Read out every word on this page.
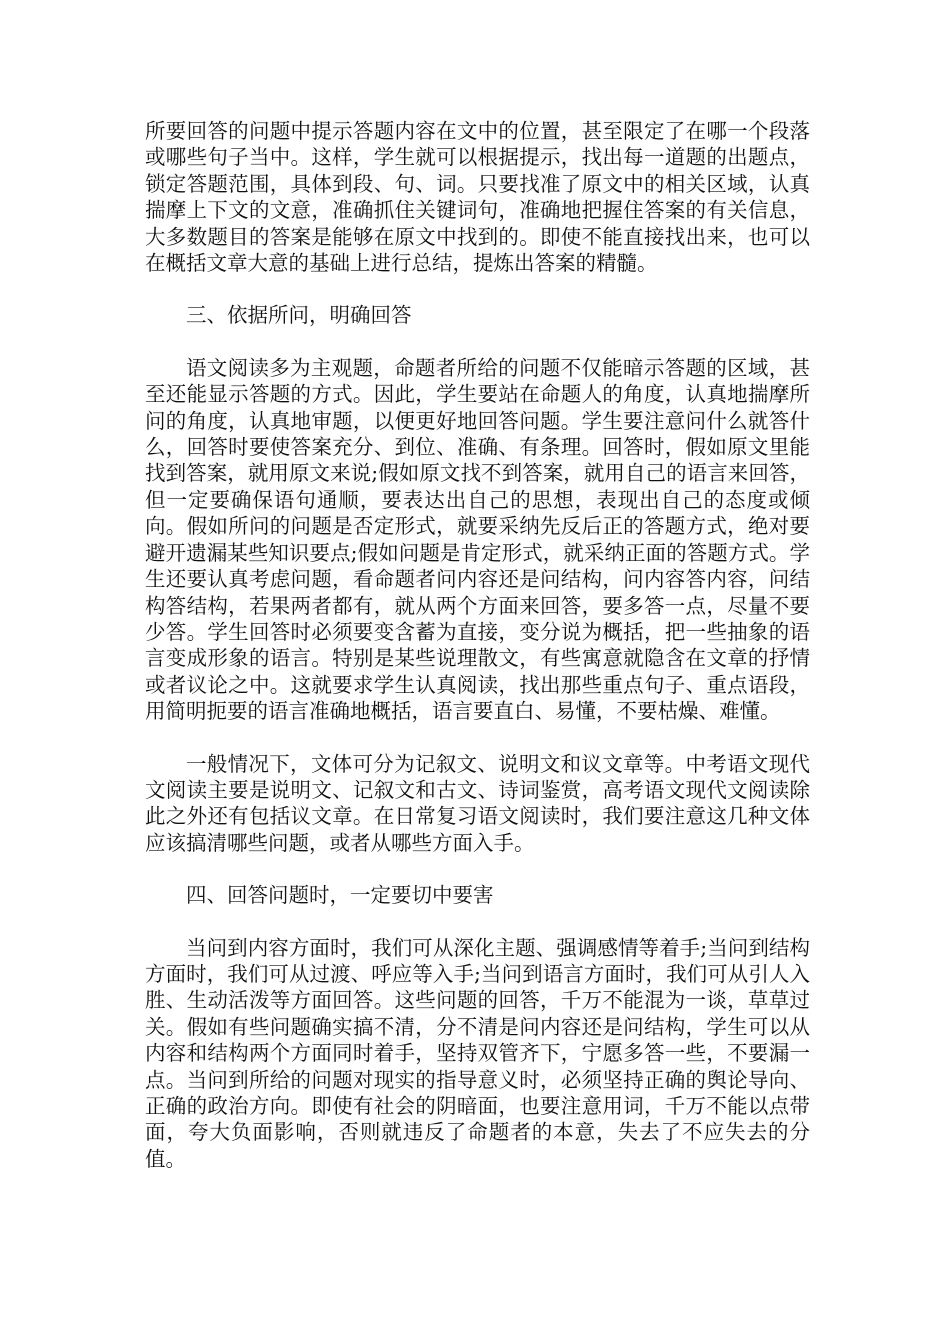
所要回答的问题中提示答题内容在文中的位置，甚至限定了在哪一个段落或哪些句子当中。这样，学生就可以根据提示，找出每一道题的出题点，锁定答题范围，具体到段、句、词。只要找准了原文中的相关区域，认真揣摩上下文的文意，准确抓住关键词句，准确地把握住答案的有关信息，大多数题目的答案是能够在原文中找到的。即使不能直接找出来，也可以在概括文章大意的基础上进行总结，提炼出答案的精髓。

三、依据所问，明确回答

语文阅读多为主观题，命题者所给的问题不仅能暗示答题的区域，甚至还能显示答题的方式。因此，学生要站在命题人的角度，认真地揣摩所问的角度，认真地审题，以便更好地回答问题。学生要注意问什么就答什么，回答时要使答案充分、到位、准确、有条理。回答时，假如原文里能找到答案，就用原文来说;假如原文找不到答案，就用自己的语言来回答，但一定要确保语句通顺，要表达出自己的思想，表现出自己的态度或倾向。假如所问的问题是否定形式，就要采纳先反后正的答题方式，绝对要避开遗漏某些知识要点;假如问题是肯定形式，就采纳正面的答题方式。学生还要认真考虑问题，看命题者问内容还是问结构，问内容答内容，问结构答结构，若果两者都有，就从两个方面来回答，要多答一点，尽量不要少答。学生回答时必须要变含蓄为直接，变分说为概括，把一些抽象的语言变成形象的语言。特别是某些说理散文，有些寓意就隐含在文章的抒情或者议论之中。这就要求学生认真阅读，找出那些重点句子、重点语段，用简明扼要的语言准确地概括，语言要直白、易懂，不要枯燥、难懂。

一般情况下，文体可分为记叙文、说明文和议文章等。中考语文现代文阅读主要是说明文、记叙文和古文、诗词鉴赏，高考语文现代文阅读除此之外还有包括议文章。在日常复习语文阅读时，我们要注意这几种文体应该搞清哪些问题，或者从哪些方面入手。

四、回答问题时，一定要切中要害

当问到内容方面时，我们可从深化主题、强调感情等着手;当问到结构方面时，我们可从过渡、呼应等入手;当问到语言方面时，我们可从引人入胜、生动活泼等方面回答。这些问题的回答，千万不能混为一谈，草草过关。假如有些问题确实搞不清，分不清是问内容还是问结构，学生可以从内容和结构两个方面同时着手，坚持双管齐下，宁愿多答一些，不要漏一点。当问到所给的问题对现实的指导意义时，必须坚持正确的舆论导向、正确的政治方向。即使有社会的阴暗面，也要注意用词，千万不能以点带面，夸大负面影响，否则就违反了命题者的本意，失去了不应失去的分值。
